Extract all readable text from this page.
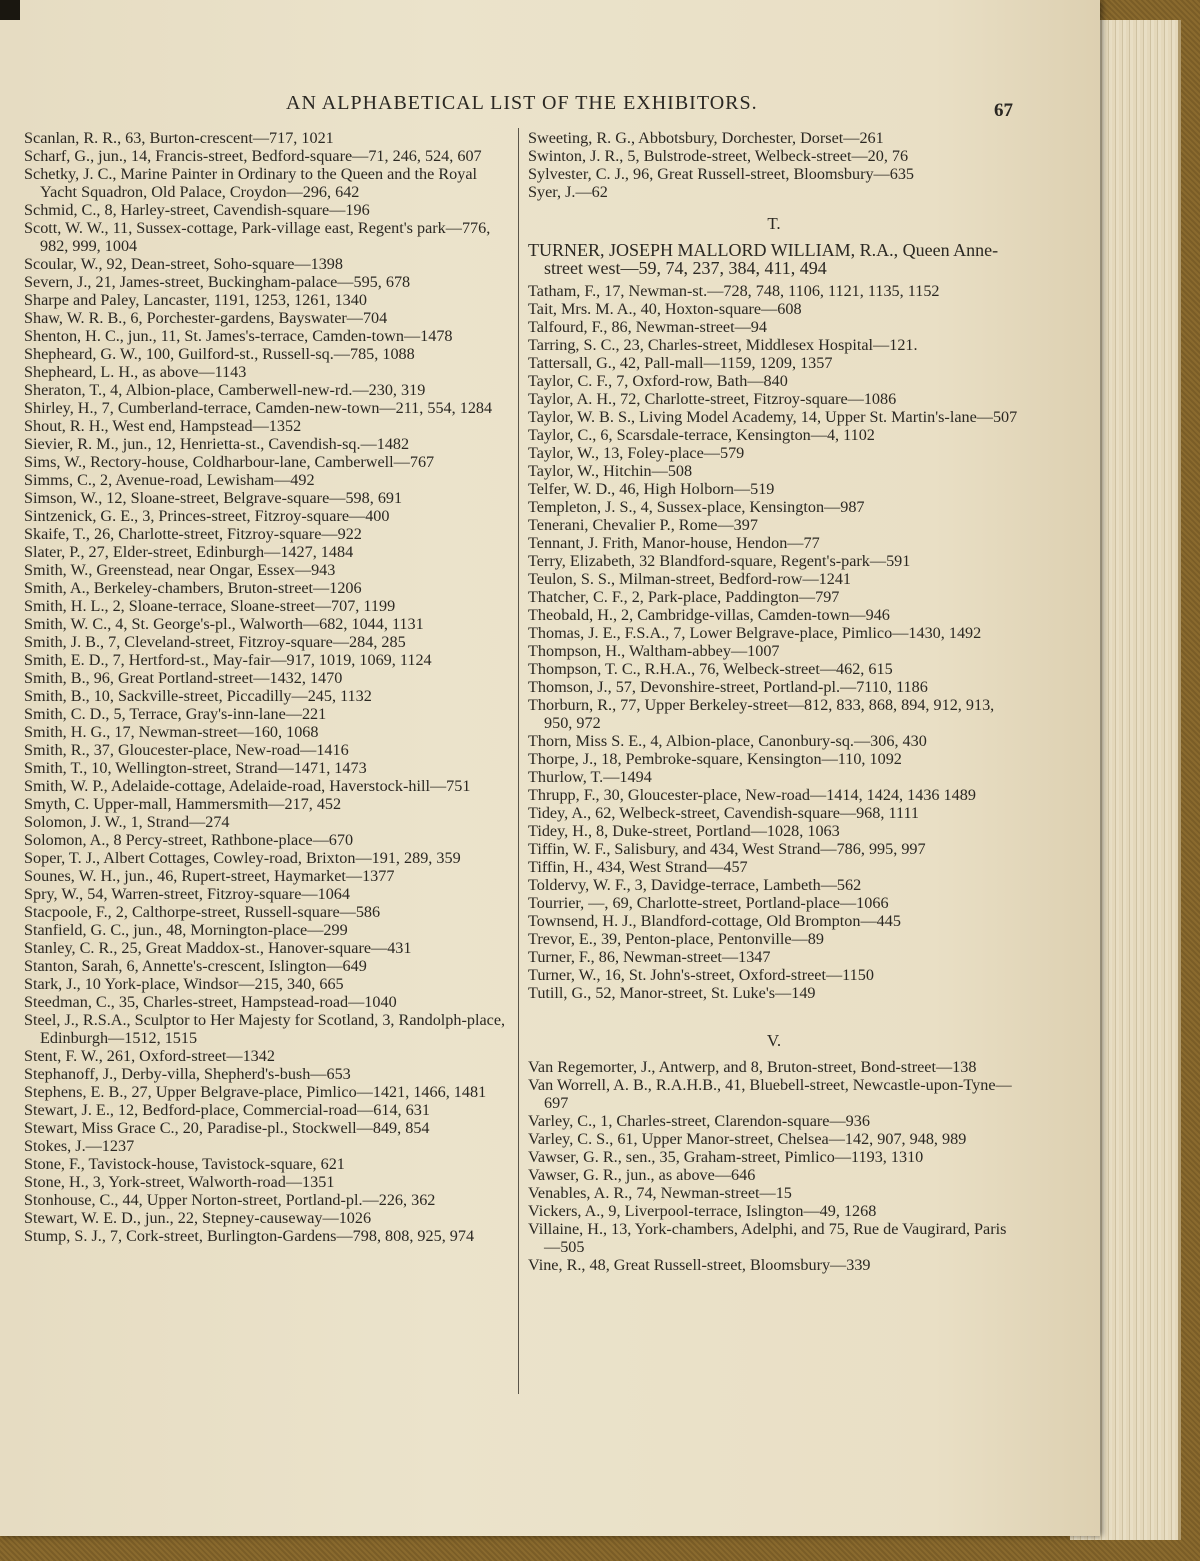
AN ALPHABETICAL LIST OF THE EXHIBITORS.	67

Scanlan, R. R., 63, Burton-crescent—717, 1021

Scharf, G., jun., 14, Francis-street, Bedford-square—71, 246, 524, 607

Schetky, J. C., Marine Painter in Ordinary to the Queen and the Royal Yacht Squadron, Old Palace, Croydon—296, 642

Schmid, C., 8, Harley-street, Cavendish-square—196

Scott, W. W., 11, Sussex-cottage, Park-village east, Regent's park—776, 982, 999, 1004

Scoular, W., 92, Dean-street, Soho-square—1398

Severn, J., 21, James-street, Buckingham-palace—595, 678

Sharpe and Paley, Lancaster, 1191, 1253, 1261, 1340

Shaw, W. R. B., 6, Porchester-gardens, Bayswater—704

Shenton, H. C., jun., 11, St. James's-terrace, Camden-town—1478

Shepheard, G. W., 100, Guilford-st., Russell-sq.—785, 1088

Shepheard, L. H., as above—1143

Sheraton, T., 4, Albion-place, Camberwell-new-rd.—230, 319

Shirley, H., 7, Cumberland-terrace, Camden-new-town—211, 554, 1284

Shout, R. H., West end, Hampstead—1352

Sievier, R. M., jun., 12, Henrietta-st., Cavendish-sq.—1482

Sims, W., Rectory-house, Coldharbour-lane, Camberwell—767

Simms, C., 2, Avenue-road, Lewisham—492

Simson, W., 12, Sloane-street, Belgrave-square—598, 691

Sintzenick, G. E., 3, Princes-street, Fitzroy-square—400

Skaife, T., 26, Charlotte-street, Fitzroy-square—922

Slater, P., 27, Elder-street, Edinburgh—1427, 1484

Smith, W., Greenstead, near Ongar, Essex—943

Smith, A., Berkeley-chambers, Bruton-street—1206

Smith, H. L., 2, Sloane-terrace, Sloane-street—707, 1199

Smith, W. C., 4, St. George's-pl., Walworth—682, 1044, 1131

Smith, J. B., 7, Cleveland-street, Fitzroy-square—284, 285

Smith, E. D., 7, Hertford-st., May-fair—917, 1019, 1069, 1124

Smith, B., 96, Great Portland-street—1432, 1470

Smith, B., 10, Sackville-street, Piccadilly—245, 1132

Smith, C. D., 5, Terrace, Gray's-inn-lane—221

Smith, H. G., 17, Newman-street—160, 1068

Smith, R., 37, Gloucester-place, New-road—1416

Smith, T., 10, Wellington-street, Strand—1471, 1473

Smith, W. P., Adelaide-cottage, Adelaide-road, Haverstock-hill—751

Smyth, C. Upper-mall, Hammersmith—217, 452

Solomon, J. W., 1, Strand—274

Solomon, A., 8 Percy-street, Rathbone-place—670

Soper, T. J., Albert Cottages, Cowley-road, Brixton—191, 289, 359

Sounes, W. H., jun., 46, Rupert-street, Haymarket—1377

Spry, W., 54, Warren-street, Fitzroy-square—1064

Stacpoole, F., 2, Calthorpe-street, Russell-square—586

Stanfield, G. C., jun., 48, Mornington-place—299

Stanley, C. R., 25, Great Maddox-st., Hanover-square—431

Stanton, Sarah, 6, Annette's-crescent, Islington—649

Stark, J., 10 York-place, Windsor—215, 340, 665

Steedman, C., 35, Charles-street, Hampstead-road—1040

Steel, J., R.S.A., Sculptor to Her Majesty for Scotland, 3, Randolph-place, Edinburgh—1512, 1515

Stent, F. W., 261, Oxford-street—1342

Stephanoff, J., Derby-villa, Shepherd's-bush—653

Stephens, E. B., 27, Upper Belgrave-place, Pimlico—1421, 1466, 1481

Stewart, J. E., 12, Bedford-place, Commercial-road—614, 631

Stewart, Miss Grace C., 20, Paradise-pl., Stockwell—849, 854

Stokes, J.—1237

Stone, F., Tavistock-house, Tavistock-square, 621

Stone, H., 3, York-street, Walworth-road—1351

Stonhouse, C., 44, Upper Norton-street, Portland-pl.—226, 362

Stewart, W. E. D., jun., 22, Stepney-causeway—1026

Stump, S. J., 7, Cork-street, Burlington-Gardens—798, 808, 925, 974

Sweeting, R. G., Abbotsbury, Dorchester, Dorset—261

Swinton, J. R., 5, Bulstrode-street, Welbeck-street—20, 76

Sylvester, C. J., 96, Great Russell-street, Bloomsbury—635

Syer, J.—62

T.

TURNER, JOSEPH MALLORD WILLIAM, R.A., Queen Anne-street west—59, 74, 237, 384, 411, 494

Tatham, F., 17, Newman-st.—728, 748, 1106, 1121, 1135, 1152

Tait, Mrs. M. A., 40, Hoxton-square—608

Talfourd, F., 86, Newman-street—94

Tarring, S. C., 23, Charles-street, Middlesex Hospital—121.

Tattersall, G., 42, Pall-mall—1159, 1209, 1357

Taylor, C. F., 7, Oxford-row, Bath—840

Taylor, A. H., 72, Charlotte-street, Fitzroy-square—1086

Taylor, W. B. S., Living Model Academy, 14, Upper St. Martin's-lane—507

Taylor, C., 6, Scarsdale-terrace, Kensington—4, 1102

Taylor, W., 13, Foley-place—579

Taylor, W., Hitchin—508

Telfer, W. D., 46, High Holborn—519

Templeton, J. S., 4, Sussex-place, Kensington—987

Tenerani, Chevalier P., Rome—397

Tennant, J. Frith, Manor-house, Hendon—77

Terry, Elizabeth, 32 Blandford-square, Regent's-park—591

Teulon, S. S., Milman-street, Bedford-row—1241

Thatcher, C. F., 2, Park-place, Paddington—797

Theobald, H., 2, Cambridge-villas, Camden-town—946

Thomas, J. E., F.S.A., 7, Lower Belgrave-place, Pimlico—1430, 1492

Thompson, H., Waltham-abbey—1007

Thompson, T. C., R.H.A., 76, Welbeck-street—462, 615

Thomson, J., 57, Devonshire-street, Portland-pl.—7110, 1186

Thorburn, R., 77, Upper Berkeley-street—812, 833, 868, 894, 912, 913, 950, 972

Thorn, Miss S. E., 4, Albion-place, Canonbury-sq.—306, 430

Thorpe, J., 18, Pembroke-square, Kensington—110, 1092

Thurlow, T.—1494

Thrupp, F., 30, Gloucester-place, New-road—1414, 1424, 1436 1489

Tidey, A., 62, Welbeck-street, Cavendish-square—968, 1111

Tidey, H., 8, Duke-street, Portland—1028, 1063

Tiffin, W. F., Salisbury, and 434, West Strand—786, 995, 997

Tiffin, H., 434, West Strand—457

Toldervy, W. F., 3, Davidge-terrace, Lambeth—562

Tourrier, —, 69, Charlotte-street, Portland-place—1066

Townsend, H. J., Blandford-cottage, Old Brompton—445

Trevor, E., 39, Penton-place, Pentonville—89

Turner, F., 86, Newman-street—1347

Turner, W., 16, St. John's-street, Oxford-street—1150

Tutill, G., 52, Manor-street, St. Luke's—149

V.

Van Regemorter, J., Antwerp, and 8, Bruton-street, Bond-street—138

Van Worrell, A. B., R.A.H.B., 41, Bluebell-street, Newcastle-upon-Tyne—697

Varley, C., 1, Charles-street, Clarendon-square—936

Varley, C. S., 61, Upper Manor-street, Chelsea—142, 907, 948, 989

Vawser, G. R., sen., 35, Graham-street, Pimlico—1193, 1310

Vawser, G. R., jun., as above—646

Venables, A. R., 74, Newman-street—15

Vickers, A., 9, Liverpool-terrace, Islington—49, 1268

Villaine, H., 13, York-chambers, Adelphi, and 75, Rue de Vaugirard, Paris—505

Vine, R., 48, Great Russell-street, Bloomsbury—339
